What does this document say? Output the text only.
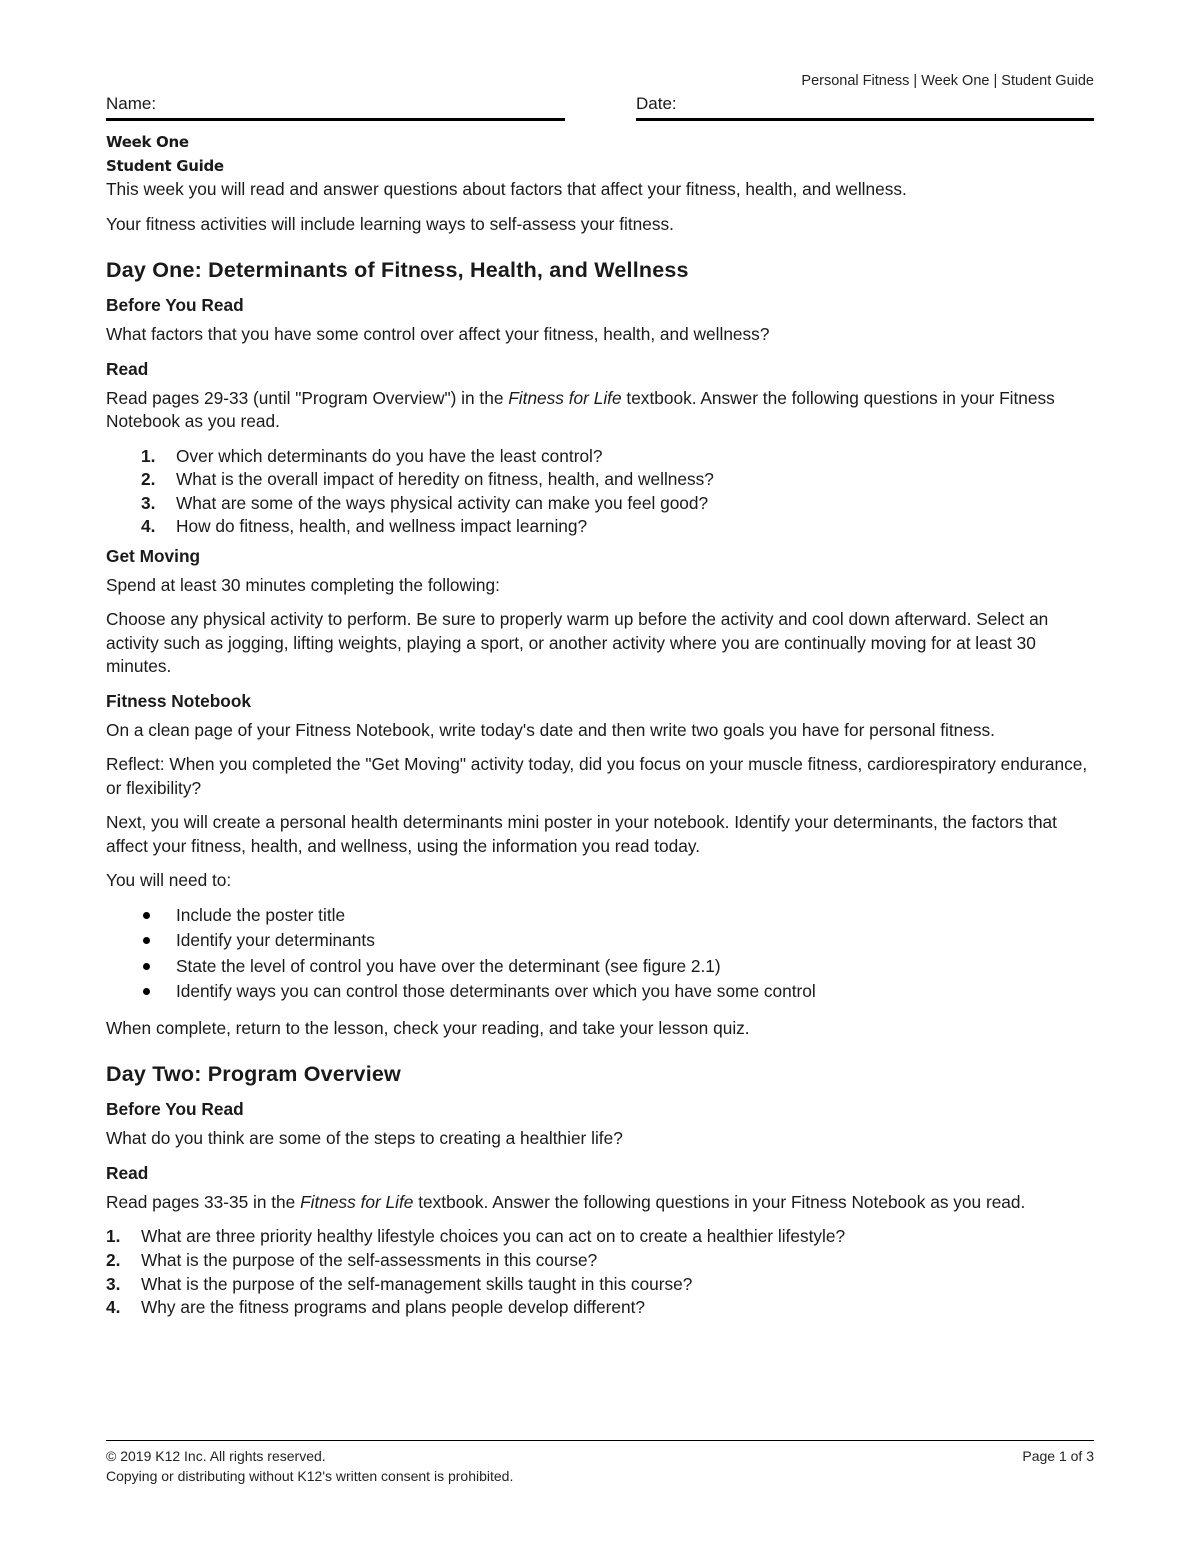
Personal Fitness | Week One | Student Guide
Name:	Date:
Week One
Student Guide

This week you will read and answer questions about factors that affect your fitness, health, and wellness.

Your fitness activities will include learning ways to self-assess your fitness.

Day One: Determinants of Fitness, Health, and Wellness
Before You Read

What factors that you have some control over affect your fitness, health, and wellness?

Read

Read pages 29-33 (until "Program Overview") in the Fitness for Life textbook. Answer the following questions in your Fitness Notebook as you read.

1. Over which determinants do you have the least control?
2. What is the overall impact of heredity on fitness, health, and wellness?
3. What are some of the ways physical activity can make you feel good?
4. How do fitness, health, and wellness impact learning?
Get Moving

Spend at least 30 minutes completing the following:

Choose any physical activity to perform. Be sure to properly warm up before the activity and cool down afterward. Select an activity such as jogging, lifting weights, playing a sport, or another activity where you are continually moving for at least 30 minutes.

Fitness Notebook

On a clean page of your Fitness Notebook, write today's date and then write two goals you have for personal fitness.

Reflect: When you completed the "Get Moving" activity today, did you focus on your muscle fitness, cardiorespiratory endurance, or flexibility?

Next, you will create a personal health determinants mini poster in your notebook. Identify your determinants, the factors that affect your fitness, health, and wellness, using the information you read today.

You will need to:

Include the poster title
Identify your determinants
State the level of control you have over the determinant (see figure 2.1)
Identify ways you can control those determinants over which you have some control

When complete, return to the lesson, check your reading, and take your lesson quiz.

Day Two: Program Overview
Before You Read

What do you think are some of the steps to creating a healthier life?

Read

Read pages 33-35 in the Fitness for Life textbook. Answer the following questions in your Fitness Notebook as you read.

1. What are three priority healthy lifestyle choices you can act on to create a healthier lifestyle?
2. What is the purpose of the self-assessments in this course?
3. What is the purpose of the self-management skills taught in this course?
4. Why are the fitness programs and plans people develop different?
© 2019 K12 Inc. All rights reserved.
Copying or distributing without K12's written consent is prohibited.
Page 1 of 3
